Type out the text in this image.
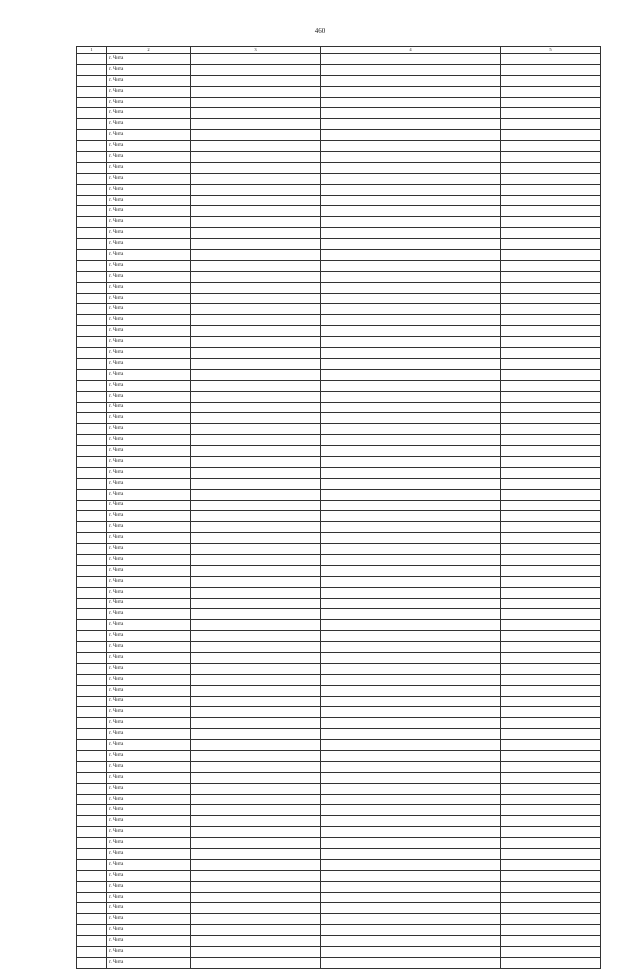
460
1	2	3	4	5
	г. Чита			
	г. Чита			
	г. Чита			
	г. Чита			
	г. Чита			
	г. Чита			
	г. Чита			
	г. Чита			
	г. Чита			
	г. Чита			
	г. Чита			
	г. Чита			
	г. Чита			
	г. Чита			
	г. Чита			
	г. Чита			
	г. Чита			
	г. Чита			
	г. Чита			
	г. Чита			
	г. Чита			
	г. Чита			
	г. Чита			
	г. Чита			
	г. Чита			
	г. Чита			
	г. Чита			
	г. Чита			
	г. Чита			
	г. Чита			
	г. Чита			
	г. Чита			
	г. Чита			
	г. Чита			
	г. Чита			
	г. Чита			
	г. Чита			
	г. Чита			
	г. Чита			
	г. Чита			
	г. Чита			
	г. Чита			
	г. Чита			
	г. Чита			
	г. Чита			
	г. Чита			
	г. Чита			
	г. Чита			
	г. Чита			
	г. Чита			
	г. Чита			
	г. Чита			
	г. Чита			
	г. Чита			
	г. Чита			
	г. Чита			
	г. Чита			
	г. Чита			
	г. Чита			
	г. Чита			
	г. Чита			
	г. Чита			
	г. Чита			
	г. Чита			
	г. Чита			
	г. Чита			
	г. Чита			
	г. Чита			
	г. Чита			
	г. Чита			
	г. Чита			
	г. Чита			
	г. Чита			
	г. Чита			
	г. Чита			
	г. Чита			
	г. Чита			
	г. Чита			
	г. Чита			
	г. Чита			
	г. Чита			
	г. Чита			
	г. Чита			
	г. Чита			
